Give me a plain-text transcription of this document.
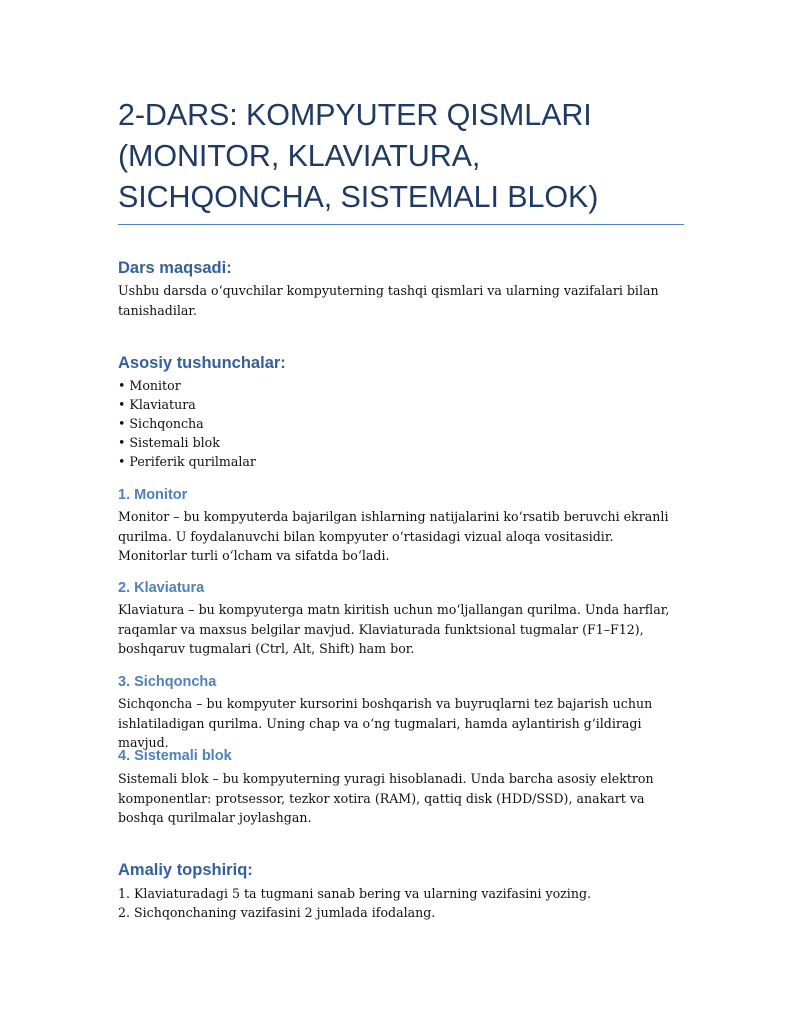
2-DARS: KOMPYUTER QISMLARI (MONITOR, KLAVIATURA, SICHQONCHA, SISTEMALI BLOK)
Dars maqsadi:

Ushbu darsda o‘quvchilar kompyuterning tashqi qismlari va ularning vazifalari bilan tanishadilar.

Asosiy tushunchalar:
• Monitor
• Klaviatura
• Sichqoncha
• Sistemali blok
• Periferik qurilmalar
1. Monitor

Monitor – bu kompyuterda bajarilgan ishlarning natijalarini ko‘rsatib beruvchi ekranli qurilma. U foydalanuvchi bilan kompyuter o‘rtasidagi vizual aloqa vositasidir. Monitorlar turli o‘lcham va sifatda bo‘ladi.

2. Klaviatura

Klaviatura – bu kompyuterga matn kiritish uchun mo‘ljallangan qurilma. Unda harflar, raqamlar va maxsus belgilar mavjud. Klaviaturada funktsional tugmalar (F1–F12), boshqaruv tugmalari (Ctrl, Alt, Shift) ham bor.

3. Sichqoncha

Sichqoncha – bu kompyuter kursorini boshqarish va buyruqlarni tez bajarish uchun ishlatiladigan qurilma. Uning chap va o‘ng tugmalari, hamda aylantirish g‘ildiragi mavjud.

4. Sistemali blok

Sistemali blok – bu kompyuterning yuragi hisoblanadi. Unda barcha asosiy elektron komponentlar: protsessor, tezkor xotira (RAM), qattiq disk (HDD/SSD), anakart va boshqa qurilmalar joylashgan.

Amaliy topshiriq:
1. Klaviaturadagi 5 ta tugmani sanab bering va ularning vazifasini yozing.
2. Sichqonchaning vazifasini 2 jumlada ifodalang.
